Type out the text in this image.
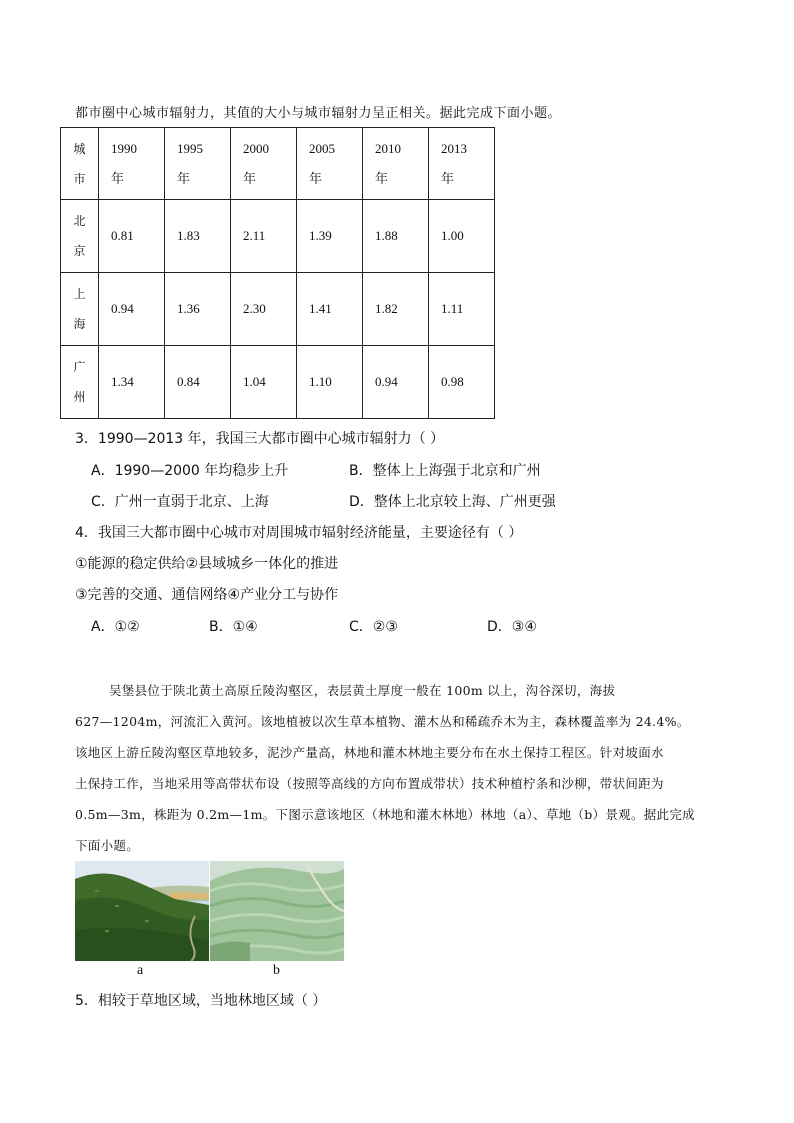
都市圈中心城市辐射力，其值的大小与城市辐射力呈正相关。据此完成下面小题。
城市	1990年	1995年	2000年	2005年	2010年	2013年
北京	0.81	1.83	2.11	1.39	1.88	1.00
上海	0.94	1.36	2.30	1.41	1.82	1.11
广州	1.34	0.84	1.04	1.10	0.94	0.98
3．1990—2013 年，我国三大都市圈中心城市辐射力（ ）
A．1990—2000 年均稳步上升	B．整体上上海强于北京和广州
C．广州一直弱于北京、上海	D．整体上北京较上海、广州更强
4．我国三大都市圈中心城市对周围城市辐射经济能量，主要途径有（ ）
①能源的稳定供给②县域城乡一体化的推进
③完善的交通、通信网络④产业分工与协作
A．①②	B．①④	C．②③	D．③④
吴堡县位于陕北黄土高原丘陵沟壑区，表层黄土厚度一般在 100m 以上，沟谷深切，海拔
627—1204m，河流汇入黄河。该地植被以次生草本植物、灌木丛和稀疏乔木为主，森林覆盖率为 24.4%。
该地区上游丘陵沟壑区草地较多，泥沙产量高，林地和灌木林地主要分布在水土保持工程区。针对坡面水
土保持工作，当地采用等高带状布设（按照等高线的方向布置成带状）技术种植柠条和沙柳，带状间距为
0.5m—3m，株距为 0.2m—1m。下图示意该地区（林地和灌木林地）林地（a）、草地（b）景观。据此完成
下面小题。
a	b
5．相较于草地区域，当地林地区域（ ）
